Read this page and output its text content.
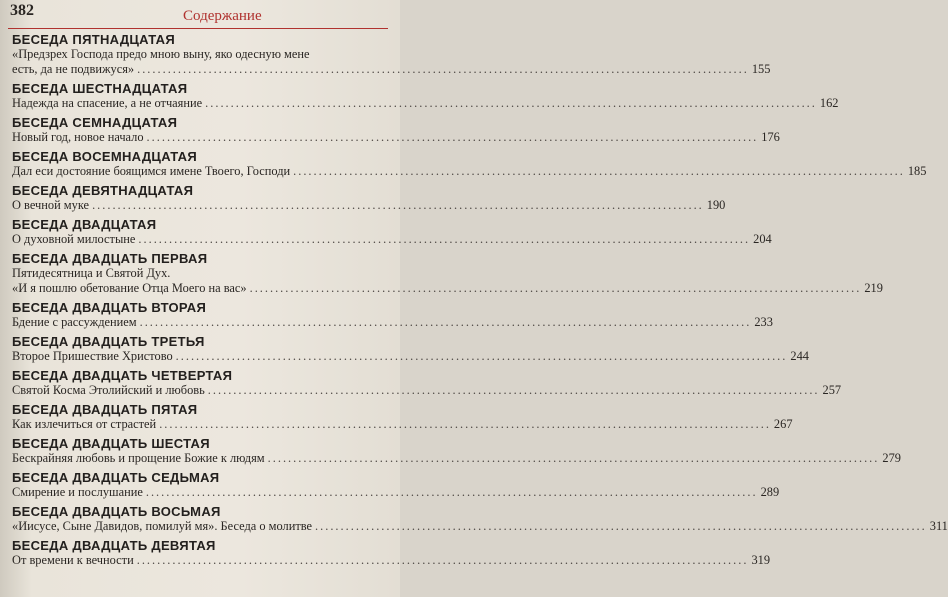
382	Содержание
БЕСЕДА ПЯТНАДЦАТАЯ
«Предзрех Господа предо мною выну, яко одесную мене
есть, да не подвижуся» .....	155
БЕСЕДА ШЕСТНАДЦАТАЯ
Надежда на спасение, а не отчаяние .....	162
БЕСЕДА СЕМНАДЦАТАЯ
Новый год, новое начало .....	176
БЕСЕДА ВОСЕМНАДЦАТАЯ
Дал еси достояние боящимся имене Твоего, Господи .....	185
БЕСЕДА ДЕВЯТНАДЦАТАЯ
О вечной муке .....	190
БЕСЕДА ДВАДЦАТАЯ
О духовной милостыне .....	204
БЕСЕДА ДВАДЦАТЬ ПЕРВАЯ
Пятидесятница и Святой Дух.
«И я пошлю обетование Отца Моего на вас» .....	219
БЕСЕДА ДВАДЦАТЬ ВТОРАЯ
Бдение с рассуждением .....	233
БЕСЕДА ДВАДЦАТЬ ТРЕТЬЯ
Второе Пришествие Христово .....	244
БЕСЕДА ДВАДЦАТЬ ЧЕТВЕРТАЯ
Святой Косма Этолийский и любовь .....	257
БЕСЕДА ДВАДЦАТЬ ПЯТАЯ
Как излечиться от страстей .....	267
БЕСЕДА ДВАДЦАТЬ ШЕСТАЯ
Бескрайняя любовь и прощение Божие к людям .....	279
БЕСЕДА ДВАДЦАТЬ СЕДЬМАЯ
Смирение и послушание .....	289
БЕСЕДА ДВАДЦАТЬ ВОСЬМАЯ
«Иисусе, Сыне Давидов, помилуй мя». Беседа о молитве .....	311
БЕСЕДА ДВАДЦАТЬ ДЕВЯТАЯ
От времени к вечности .....	319
